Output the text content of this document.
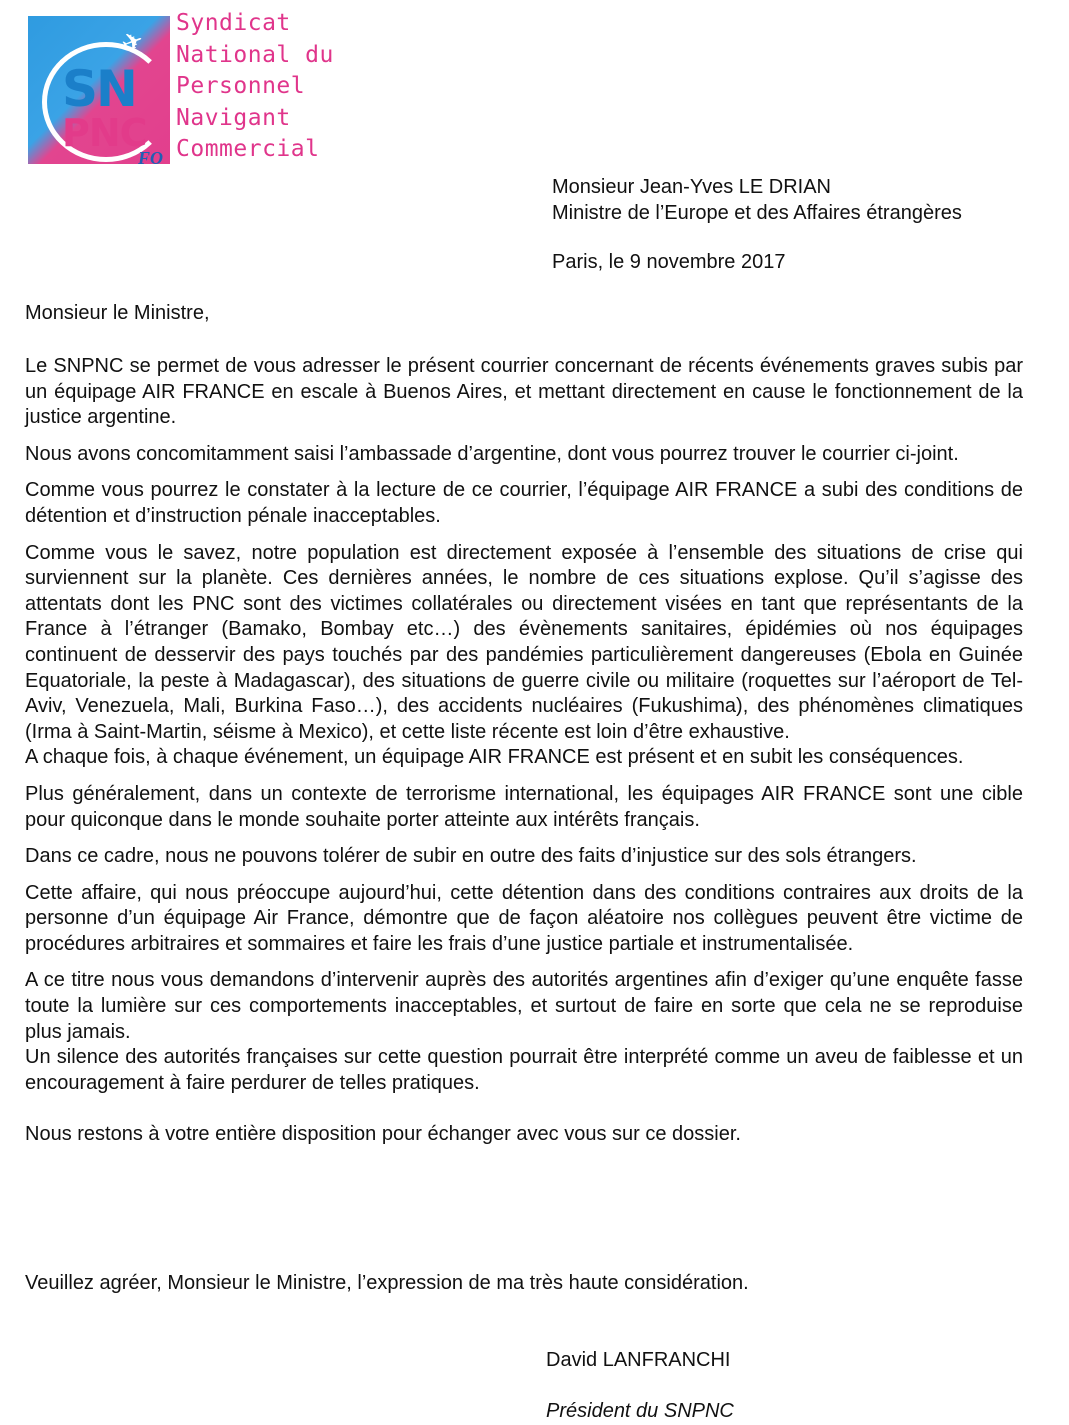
✈
SN
PNC
FO
Syndicat
National du
Personnel
Navigant
Commercial
Monsieur Jean-Yves LE DRIAN
Ministre de l’Europe et des Affaires étrangères
Paris, le 9 novembre 2017
Monsieur le Ministre,

Le SNPNC se permet de vous adresser le présent courrier concernant de récents événements graves subis par un équipage AIR FRANCE en escale à Buenos Aires, et mettant directement en cause le fonctionnement de la justice argentine.

Nous avons concomitamment saisi l’ambassade d’argentine, dont vous pourrez trouver le courrier ci-joint.

Comme vous pourrez le constater à la lecture de ce courrier, l’équipage AIR FRANCE a subi des conditions de détention et d’instruction pénale inacceptables.

Comme vous le savez, notre population est directement exposée à l’ensemble des situations de crise qui surviennent sur la planète. Ces dernières années, le nombre de ces situations explose. Qu’il s’agisse des attentats dont les PNC sont des victimes collatérales ou directement visées en tant que représentants de la France à l’étranger (Bamako, Bombay etc…) des évènements sanitaires, épidémies où nos équipages continuent de desservir des pays touchés par des pandémies particulièrement dangereuses (Ebola en Guinée Equatoriale, la peste à Madagascar), des situations de guerre civile ou militaire (roquettes sur l’aéroport de Tel-Aviv, Venezuela, Mali, Burkina Faso…), des accidents nucléaires (Fukushima), des phénomènes climatiques (Irma à Saint-Martin, séisme à Mexico), et cette liste récente est loin d’être exhaustive.

A chaque fois, à chaque événement, un équipage AIR FRANCE est présent et en subit les conséquences.

Plus généralement, dans un contexte de terrorisme international, les équipages AIR FRANCE sont une cible pour quiconque dans le monde souhaite porter atteinte aux intérêts français.

Dans ce cadre, nous ne pouvons tolérer de subir en outre des faits d’injustice sur des sols étrangers.

Cette affaire, qui nous préoccupe aujourd’hui, cette détention dans des conditions contraires aux droits de la personne d’un équipage Air France, démontre que de façon aléatoire nos collègues peuvent être victime de procédures arbitraires et sommaires et faire les frais d’une justice partiale et instrumentalisée.

A ce titre nous vous demandons d’intervenir auprès des autorités argentines afin d’exiger qu’une enquête fasse toute la lumière sur ces comportements inacceptables, et surtout de faire en sorte que cela ne se reproduise plus jamais.

Un silence des autorités françaises sur cette question pourrait être interprété comme un aveu de faiblesse et un encouragement à faire perdurer de telles pratiques.

Nous restons à votre entière disposition pour échanger avec vous sur ce dossier.

Veuillez agréer, Monsieur le Ministre, l’expression de ma très haute considération.
David LANFRANCHI
Président du SNPNC
